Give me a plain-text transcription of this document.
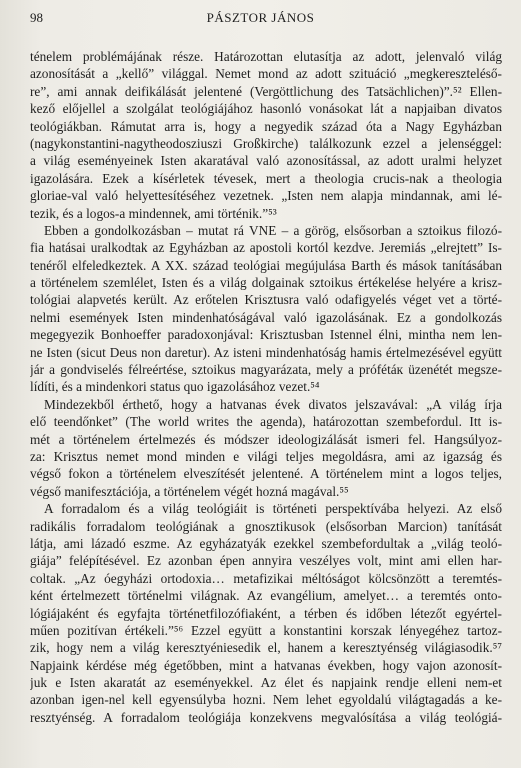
98	PÁSZTOR JÁNOS
ténelem problémájának része. Határozottan elutasítja az adott, jelenvaló világ
azonosítását a „kellő” világgal. Nemet mond az adott szituáció „megkereszteléső-
re”, ami annak deifikálását jelentené (Vergöttlichung des Tatsächlichen)”.⁵² Ellen-
kező előjellel a szolgálat teológiájához hasonló vonásokat lát a napjaiban divatos
teológiákban. Rámutat arra is, hogy a negyedik század óta a Nagy Egyházban
(nagykonstantini-nagytheodosziuszi Großkirche) találkozunk ezzel a jelenséggel:
a világ eseményeinek Isten akaratával való azonosítással, az adott uralmi helyzet
igazolására. Ezek a kísérletek tévesek, mert a theologia crucis-nak a theologia
gloriae-val való helyettesítéséhez vezetnek. „Isten nem alapja mindannak, ami lé-
tezik, és a logos-a mindennek, ami történik.”⁵³
Ebben a gondolkozásban – mutat rá VNE – a görög, elsősorban a sztoikus filozó-
fia hatásai uralkodtak az Egyházban az apostoli kortól kezdve. Jeremiás „elrejtett” Is-
tenéről elfeledkeztek. A XX. század teológiai megújulása Barth és mások tanításában
a történelem szemlélet, Isten és a világ dolgainak sztoikus értékelése helyére a krisz-
tológiai alapvetés került. Az erőtelen Krisztusra való odafigyelés véget vet a törté-
nelmi események Isten mindenhatóságával való igazolásának. Ez a gondolkozás
megegyezik Bonhoeffer paradoxonjával: Krisztusban Istennel élni, mintha nem len-
ne Isten (sicut Deus non daretur). Az isteni mindenhatóság hamis értelmezésével együtt
jár a gondviselés félreértése, sztoikus magyarázata, mely a prófétáк üzenétét megsze-
lídíti, és a mindenkori status quo igazolásához vezet.⁵⁴
Mindezekből érthető, hogy a hatvanas évek divatos jelszavával: „A világ írja
elő teendőnket” (The world writes the agenda), határozottan szembefordul. Itt is-
mét a történelem értelmezés és módszer ideologizálását ismeri fel. Hangsúlyoz-
za: Krisztus nemet mond minden e világi teljes megoldásra, ami az igazság és
végső fokon a történelem elveszítését jelentené. A történelem mint a logos teljes,
végső manifesztációja, a történelem végét hozná magával.⁵⁵
A forradalom és a világ teológiáit is történeti perspektívába helyezi. Az első
radikális forradalom teológiának a gnosztikusok (elsősorban Marcion) tanítását
látja, ami lázadó eszme. Az egyházatyák ezekkel szembefordultak a „világ teoló-
giája” felépítésével. Ez azonban épen annyira veszélyes volt, mint ami ellen har-
coltak. „Az óegyházi ortodoxia… metafizikai méltóságot kölcsönzött a teremtés-
ként értelmezett történelmi világnak. Az evangélium, amelyet… a teremtés onto-
lógiájaként és egyfajta történetfilozófiaként, a térben és időben létezőt egyértel-
műen pozitívan értékeli.”⁵⁶ Ezzel együtt a konstantini korszak lényegéhez tartoz-
zik, hogy nem a világ keresztyéniesedik el, hanem a keresztyénség világiasodik.⁵⁷
Napjaink kérdése még égetőbben, mint a hatvanas években, hogy vajon azonosít-
juk e Isten akaratát az eseményekkel. Az élet és napjaink rendje elleni nem-et
azonban igen-nel kell egyensúlyba hozni. Nem lehet egyoldalú világtagadás a ke-
resztyénség. A forradalom teológiája konzekvens megvalósítása a világ teológiá-
